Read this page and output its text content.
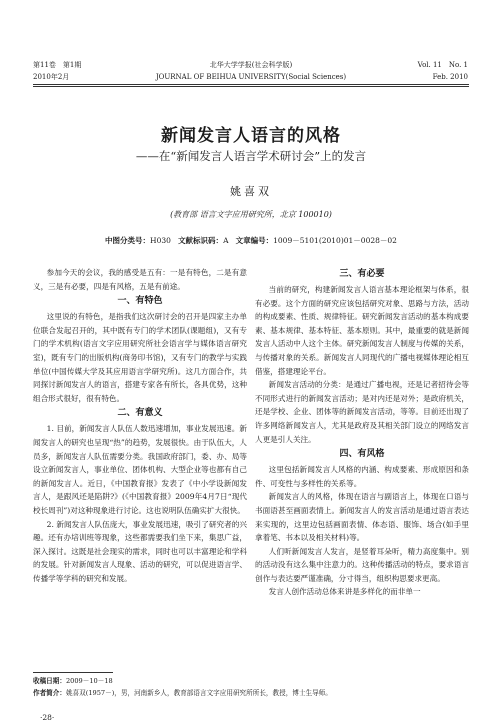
第11卷　第1期
2010年2月
北华大学学报(社会科学版)
JOURNAL OF BEIHUA UNIVERSITY(Social Sciences)
Vol. 11　No. 1
Feb. 2010
新闻发言人语言的风格
——在“新闻发言人语言学术研讨会”上的发言
姚喜双
(教育部 语言文字应用研究所，北京 100010)
中图分类号：H030 文献标识码：A 文章编号：1009－5101(2010)01－0028－02

参加今天的会议，我的感受是五有：一是有特色，二是有意义，三是有必要，四是有风格，五是有前途。

一、有特色

这里说的有特色，是指我们这次研讨会的召开是四家主办单位联合发起召开的，其中既有专门的学术团队(课题组)，又有专门的学术机构(语言文字应用研究所社会语言学与媒体语言研究室)，既有专门的出版机构(商务印书馆)，又有专门的教学与实践单位(中国传媒大学及其应用语言学研究所)。这几方面合作，共同探讨新闻发言人的语言，搭建专家各有所长，各具优势，这种组合形式很好，很有特色。

二、有意义

1. 目前，新闻发言人队伍人数迅速增加，事业发展迅速。新闻发言人的研究也呈现“热”的趋势，发展很快。由于队伍大，人员多，新闻发言人队伍需要分类。我国政府部门，委、办、局等设立新闻发言人，事业单位、团体机构、大型企业等也都有自己的新闻发言人。近日，《中国教育报》发表了《中小学设新闻发言人，是跟风还是陷阱?》(《中国教育报》2009年4月7日“现代校长周刊”)对这种现象进行讨论。这也说明队伍确实扩大很快。

2. 新闻发言人队伍庞大，事业发展迅速，吸引了研究者的兴趣。还有办培训班等现象，这些都需要我们坐下来，集思广益，深入探讨。这既是社会现实的需求，同时也可以丰富理论和学科的发展。针对新闻发言人现象、活动的研究，可以促进语言学、传播学等学科的研究和发展。

三、有必要

当前的研究，构建新闻发言人语言基本理论框架与体系，很有必要。这个方面的研究应该包括研究对象、思路与方法，活动的构成要素、性质、规律特征。研究新闻发言活动的基本构成要素、基本规律、基本特征、基本原则。其中，最重要的就是新闻发言人活动中人这个主体。研究新闻发言人制度与传媒的关系，与传播对象的关系。新闻发言人同现代的广播电视媒体理论相互借鉴，搭建理论平台。

新闻发言活动的分类：是通过广播电视，还是记者招待会等不同形式进行的新闻发言活动；是对内还是对外；是政府机关，还是学校、企业、团体等的新闻发言活动，等等。目前还出现了许多网络新闻发言人，尤其是政府及其相关部门设立的网络发言人更是引人关注。

四、有风格

这里包括新闻发言人风格的内涵、构成要素、形成原因和条件、可变性与多样性的关系等。

新闻发言人的风格，体现在语言与副语言上，体现在口语与书面语甚至画面表情上。新闻发言人的发言活动是通过语言表达来实现的，这里边包括画面表情、体态语、服饰、场合(如手里拿着笔、书本以及相关材料)等。

人们听新闻发言人发言，是竖着耳朵听，精力高度集中。别的活动没有这么集中注意力的。这种传播活动的特点，要求语言创作与表达要严谨准确，分寸得当，组织构思要求更高。

发言人创作活动总体来讲是多样化的而非单一

收稿日期：2009－10－18
作者简介：姚喜双(1957－)，男，河南新乡人，教育部语言文字应用研究所所长，教授，博士生导师。
·28·
